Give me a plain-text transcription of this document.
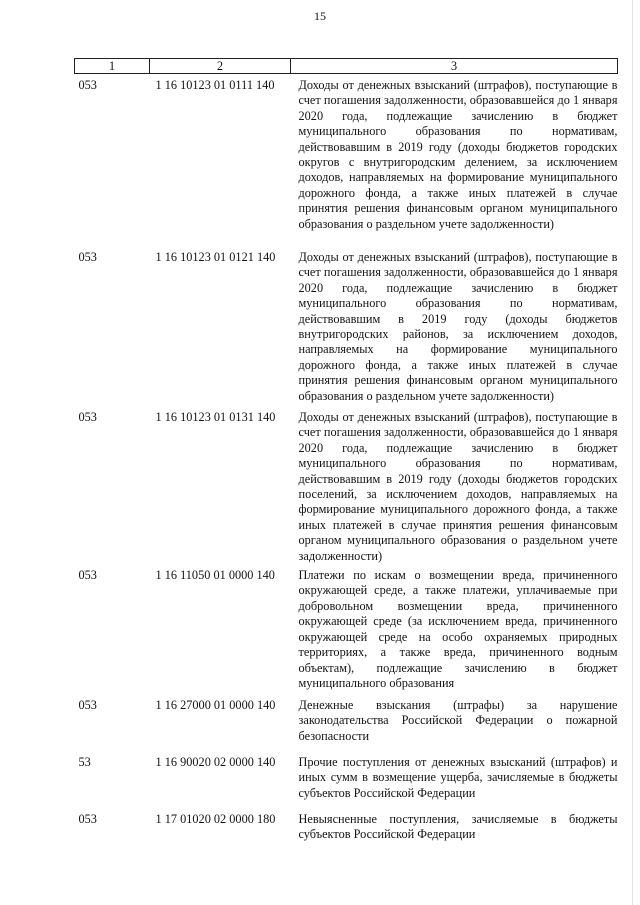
15
1	2	3
053	1 16 10123 01 0111 140	Доходы от денежных взысканий (штрафов), поступающие в счет погашения задолженности, образовавшейся до 1 января 2020 года, подлежащие зачислению в бюджет муниципального образования по нормативам, действовавшим в 2019 году (доходы бюджетов городских округов с внутригородским делением, за исключением доходов, направляемых на формирование муниципального дорожного фонда, а также иных платежей в случае принятия решения финансовым органом муниципального образования о раздельном учете задолженности)
053	1 16 10123 01 0121 140	Доходы от денежных взысканий (штрафов), поступающие в счет погашения задолженности, образовавшейся до 1 января 2020 года, подлежащие зачислению в бюджет муниципального образования по нормативам, действовавшим в 2019 году (доходы бюджетов внутригородских районов, за исключением доходов, направляемых на формирование муниципального дорожного фонда, а также иных платежей в случае принятия решения финансовым органом муниципального образования о раздельном учете задолженности)
053	1 16 10123 01 0131 140	Доходы от денежных взысканий (штрафов), поступающие в счет погашения задолженности, образовавшейся до 1 января 2020 года, подлежащие зачислению в бюджет муниципального образования по нормативам, действовавшим в 2019 году (доходы бюджетов городских поселений, за исключением доходов, направляемых на формирование муниципального дорожного фонда, а также иных платежей в случае принятия решения финансовым органом муниципального образования о раздельном учете задолженности)
053	1 16 11050 01 0000 140	Платежи по искам о возмещении вреда, причиненного окружающей среде, а также платежи, уплачиваемые при добровольном возмещении вреда, причиненного окружающей среде (за исключением вреда, причиненного окружающей среде на особо охраняемых природных территориях, а также вреда, причиненного водным объектам), подлежащие зачислению в бюджет муниципального образования
053	1 16 27000 01 0000 140	Денежные взыскания (штрафы) за нарушение законодательства Российской Федерации о пожарной безопасности
53	1 16 90020 02 0000 140	Прочие поступления от денежных взысканий (штрафов) и иных сумм в возмещение ущерба, зачисляемые в бюджеты субъектов Российской Федерации
053	1 17 01020 02 0000 180	Невыясненные поступления, зачисляемые в бюджеты субъектов Российской Федерации
